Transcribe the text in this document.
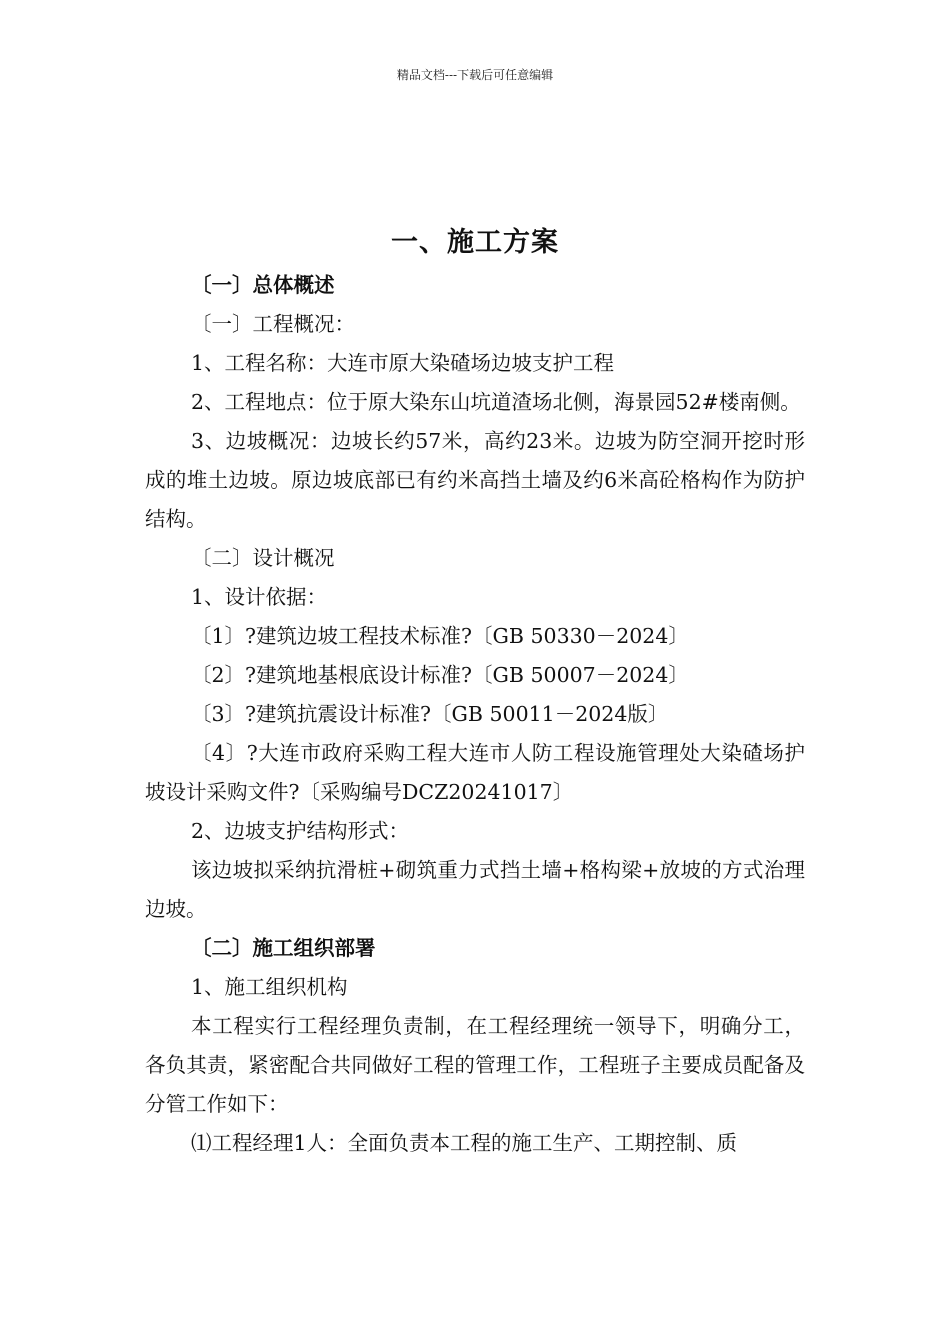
精品文档---下载后可任意编辑
一、施工方案

〔一〕总体概述

〔一〕工程概况：

1、工程名称：大连市原大染碴场边坡支护工程

2、工程地点：位于原大染东山坑道渣场北侧，海景园52#楼南侧。

3、边坡概况：边坡长约57米，高约23米。边坡为防空洞开挖时形成的堆土边坡。原边坡底部已有约米高挡土墙及约6米高砼格构作为防护结构。

〔二〕设计概况

1、设计依据：

〔1〕?建筑边坡工程技术标准?〔GB 50330－2024〕

〔2〕?建筑地基根底设计标准?〔GB 50007－2024〕

〔3〕?建筑抗震设计标准?〔GB 50011－2024版〕

〔4〕?大连市政府采购工程大连市人防工程设施管理处大染碴场护坡设计采购文件?〔采购编号DCZ20241017〕

2、边坡支护结构形式：

该边坡拟采纳抗滑桩+砌筑重力式挡土墙+格构梁+放坡的方式治理边坡。

〔二〕施工组织部署

1、施工组织机构

本工程实行工程经理负责制，在工程经理统一领导下，明确分工，各负其责，紧密配合共同做好工程的管理工作，工程班子主要成员配备及分管工作如下：

⑴工程经理1人：全面负责本工程的施工生产、工期控制、质
